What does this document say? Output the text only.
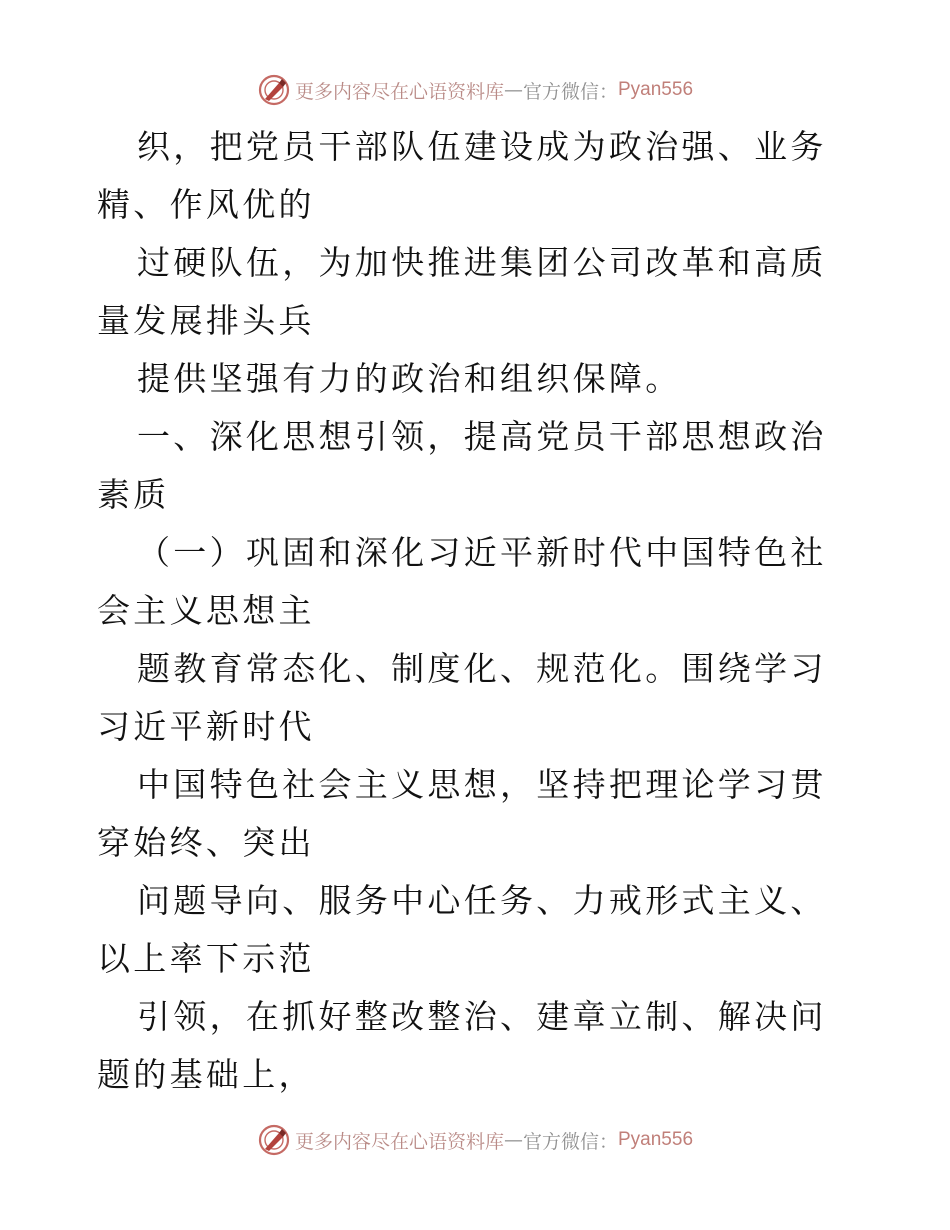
更多内容尽在心语资料库 — 官方微信： Pyan556

织，把党员干部队伍建设成为政治强、业务精、作风优的

过硬队伍，为加快推进集团公司改革和高质量发展排头兵

提供坚强有力的政治和组织保障。

一、深化思想引领，提高党员干部思想政治素质

（一）巩固和深化习近平新时代中国特色社会主义思想主

题教育常态化、制度化、规范化。围绕学习习近平新时代

中国特色社会主义思想，坚持把理论学习贯穿始终、突出

问题导向、服务中心任务、力戒形式主义、以上率下示范

引领，在抓好整改整治、建章立制、解决问题的基础上，

更多内容尽在心语资料库 — 官方微信： Pyan556
